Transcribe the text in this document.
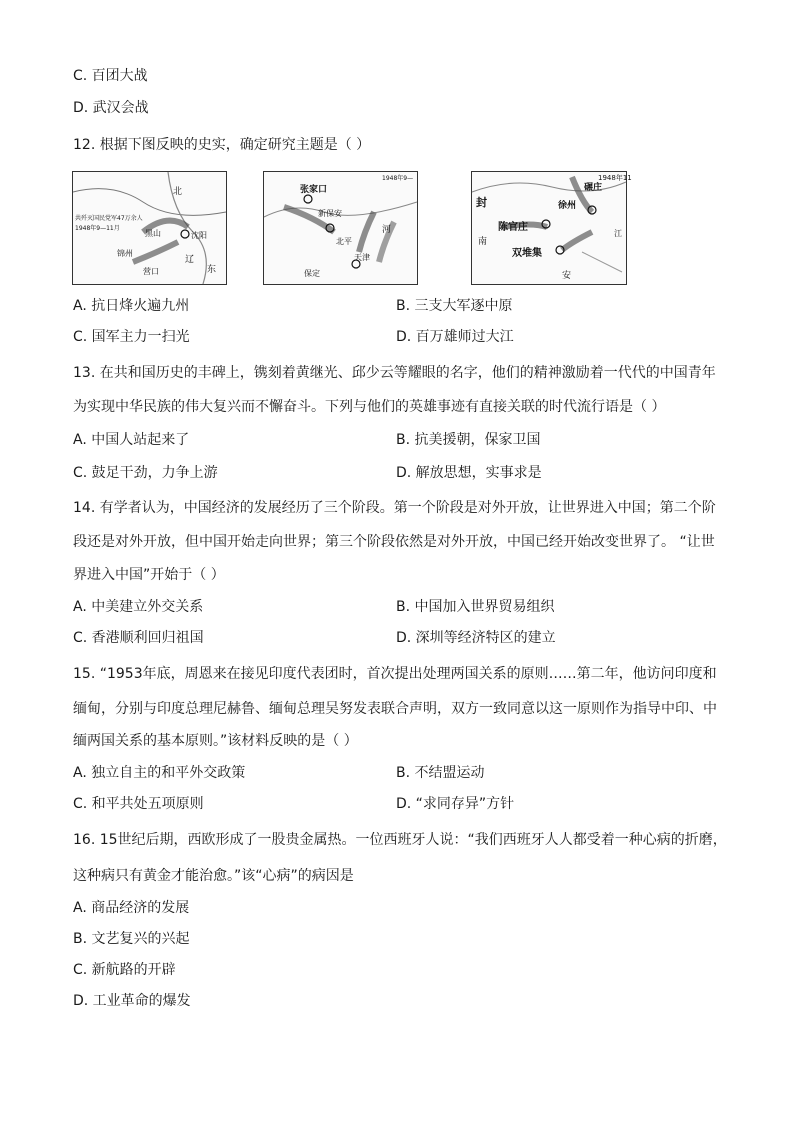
C. 百团大战
D. 武汉会战
12. 根据下图反映的史实，确定研究主题是（ ）
北
共歼灭国民党军47万余人
1948年9—11月
黑山	沈阳
锦州
营口
辽
东
1948年9—
张家口
新保安
北平
河
天津
保定
1948年11
碾庄
徐州
封
陈官庄
南
双堆集
安
江
A. 抗日烽火遍九州	B. 三支大军逐中原
C. 国军主力一扫光	D. 百万雄师过大江
13. 在共和国历史的丰碑上，镌刻着黄继光、邱少云等耀眼的名字，他们的精神激励着一代代的中国青年
为实现中华民族的伟大复兴而不懈奋斗。下列与他们的英雄事迹有直接关联的时代流行语是（ ）
A. 中国人站起来了	B. 抗美援朝，保家卫国
C. 鼓足干劲，力争上游	D. 解放思想，实事求是
14. 有学者认为，中国经济的发展经历了三个阶段。第一个阶段是对外开放，让世界进入中国；第二个阶
段还是对外开放，但中国开始走向世界；第三个阶段依然是对外开放，中国已经开始改变世界了。 “让世
界进入中国”开始于（ ）
A. 中美建立外交关系	B. 中国加入世界贸易组织
C. 香港顺利回归祖国	D. 深圳等经济特区的建立
15. “1953年底，周恩来在接见印度代表团时，首次提出处理两国关系的原则……第二年，他访问印度和
缅甸，分别与印度总理尼赫鲁、缅甸总理吴努发表联合声明，双方一致同意以这一原则作为指导中印、中
缅两国关系的基本原则。”该材料反映的是（ ）
A. 独立自主的和平外交政策	B. 不结盟运动
C. 和平共处五项原则	D. “求同存异”方针
16. 15世纪后期，西欧形成了一股贵金属热。一位西班牙人说：“我们西班牙人人都受着一种心病的折磨，
这种病只有黄金才能治愈。”该“心病”的病因是
A. 商品经济的发展
B. 文艺复兴的兴起
C. 新航路的开辟
D. 工业革命的爆发
